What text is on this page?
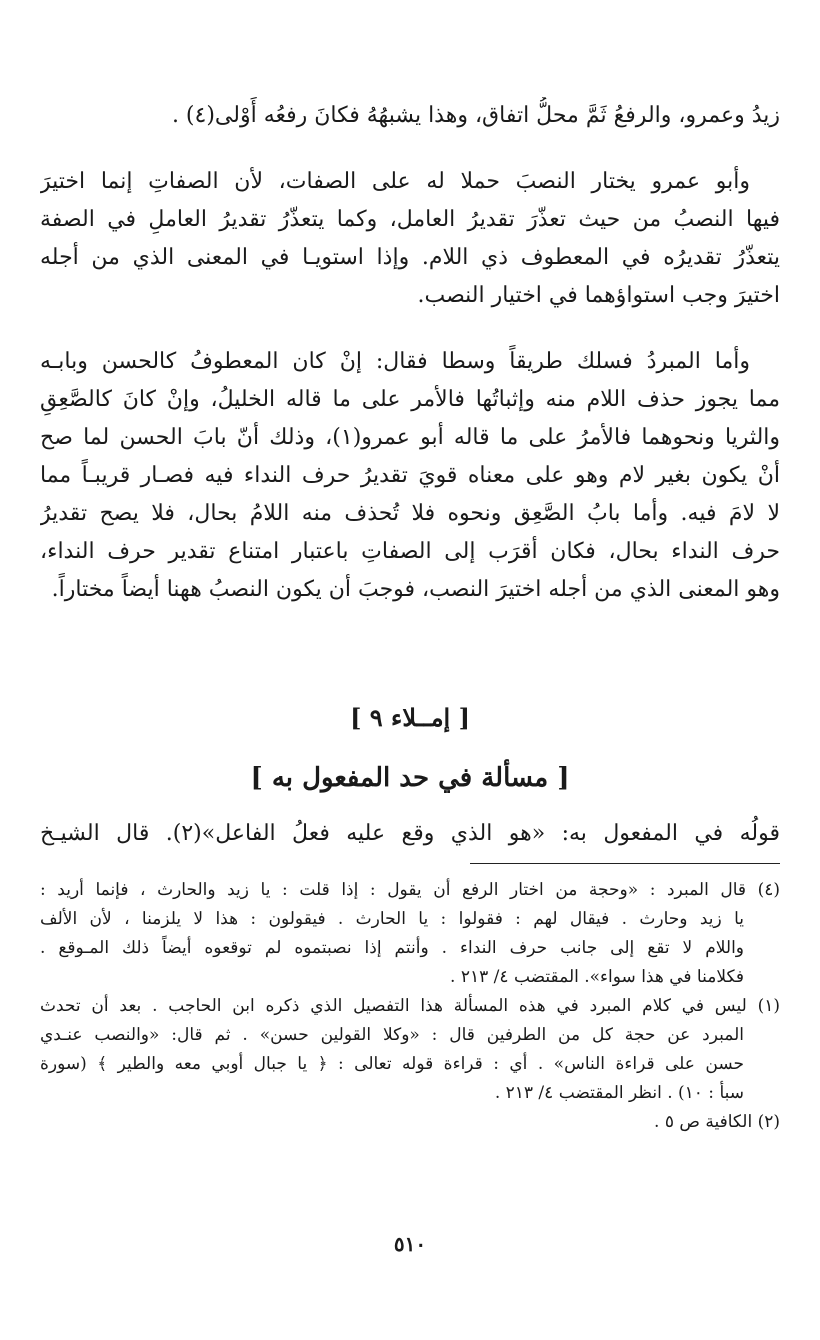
زيدُ وعمرو، والرفعُ ثَمَّ محلُّ اتفاق، وهذا يشبهُهُ فكانَ رفعُه أَوْلى(٤) .
وأبو عمرو يختار النصبَ حملا له على الصفات، لأن الصفاتِ إنما اختيرَ
فيها النصبُ من حيث تعذّرَ تقديرُ العامل، وكما يتعذّرُ تقديرُ العاملِ في الصفة
يتعذّرُ تقديرُه في المعطوف ذي اللام. وإذا استويـا في المعنى الذي من أجله
اختيرَ وجب استواؤهما في اختيار النصب.
وأما المبردُ فسلك طريقاً وسطا فقال: إنْ كان المعطوفُ كالحسن وبابـه
مما يجوز حذف اللام منه وإثباتُها فالأمر على ما قاله الخليلُ، وإنْ كانَ كالصَّعِقِ
والثريا ونحوهما فالأمرُ على ما قاله أبو عمرو(١)، وذلك أنّ بابَ الحسن لما صح
أنْ يكون بغير لام وهو على معناه قويَ تقديرُ حرف النداء فيه فصـار قريبـاً مما
لا لامَ فيه. وأما بابُ الصَّعِق ونحوه فلا تُحذف منه اللامُ بحال، فلا يصح تقديرُ
حرف النداء بحال، فكان أقرَب إلى الصفاتِ باعتبار امتناع تقدير حرف النداء،
وهو المعنى الذي من أجله اختيرَ النصب، فوجبَ أن يكون النصبُ ههنا أيضاً مختاراً.
[ إمــلاء ٩ ]
[ مسألة في حد المفعول به ]
قولُه في المفعول به: «هو الذي وقع عليه فعلُ الفاعل»(٢). قال الشيـخ
(٤) قال المبرد : «وحجة من اختار الرفع أن يقول : إذا قلت : يا زيد والحارث ، فإنما أريد :
يا زيد وحارث . فيقال لهم : فقولوا : يا الحارث . فيقولون : هذا لا يلزمنا ، لأن الألف
واللام لا تقع إلى جانب حرف النداء . وأنتم إذا نصبتموه لم توقعوه أيضاً ذلك المـوقع .
فكلامنا في هذا سواء». المقتضب ٤/ ٢١٣ .
(١) ليس في كلام المبرد في هذه المسألة هذا التفصيل الذي ذكره ابن الحاجب . بعد أن تحدث
المبرد عن حجة كل من الطرفين قال : «وكلا القولين حسن» . ثم قال: «والنصب عنـدي
حسن على قراءة الناس» . أي : قراءة قوله تعالى : ﴿ يا جبال أوبي معه والطير ﴾ (سورة
سبأ : ١٠) . انظر المقتضب ٤/ ٢١٣ .
(٢) الكافية ص ٥ .
٥١٠
